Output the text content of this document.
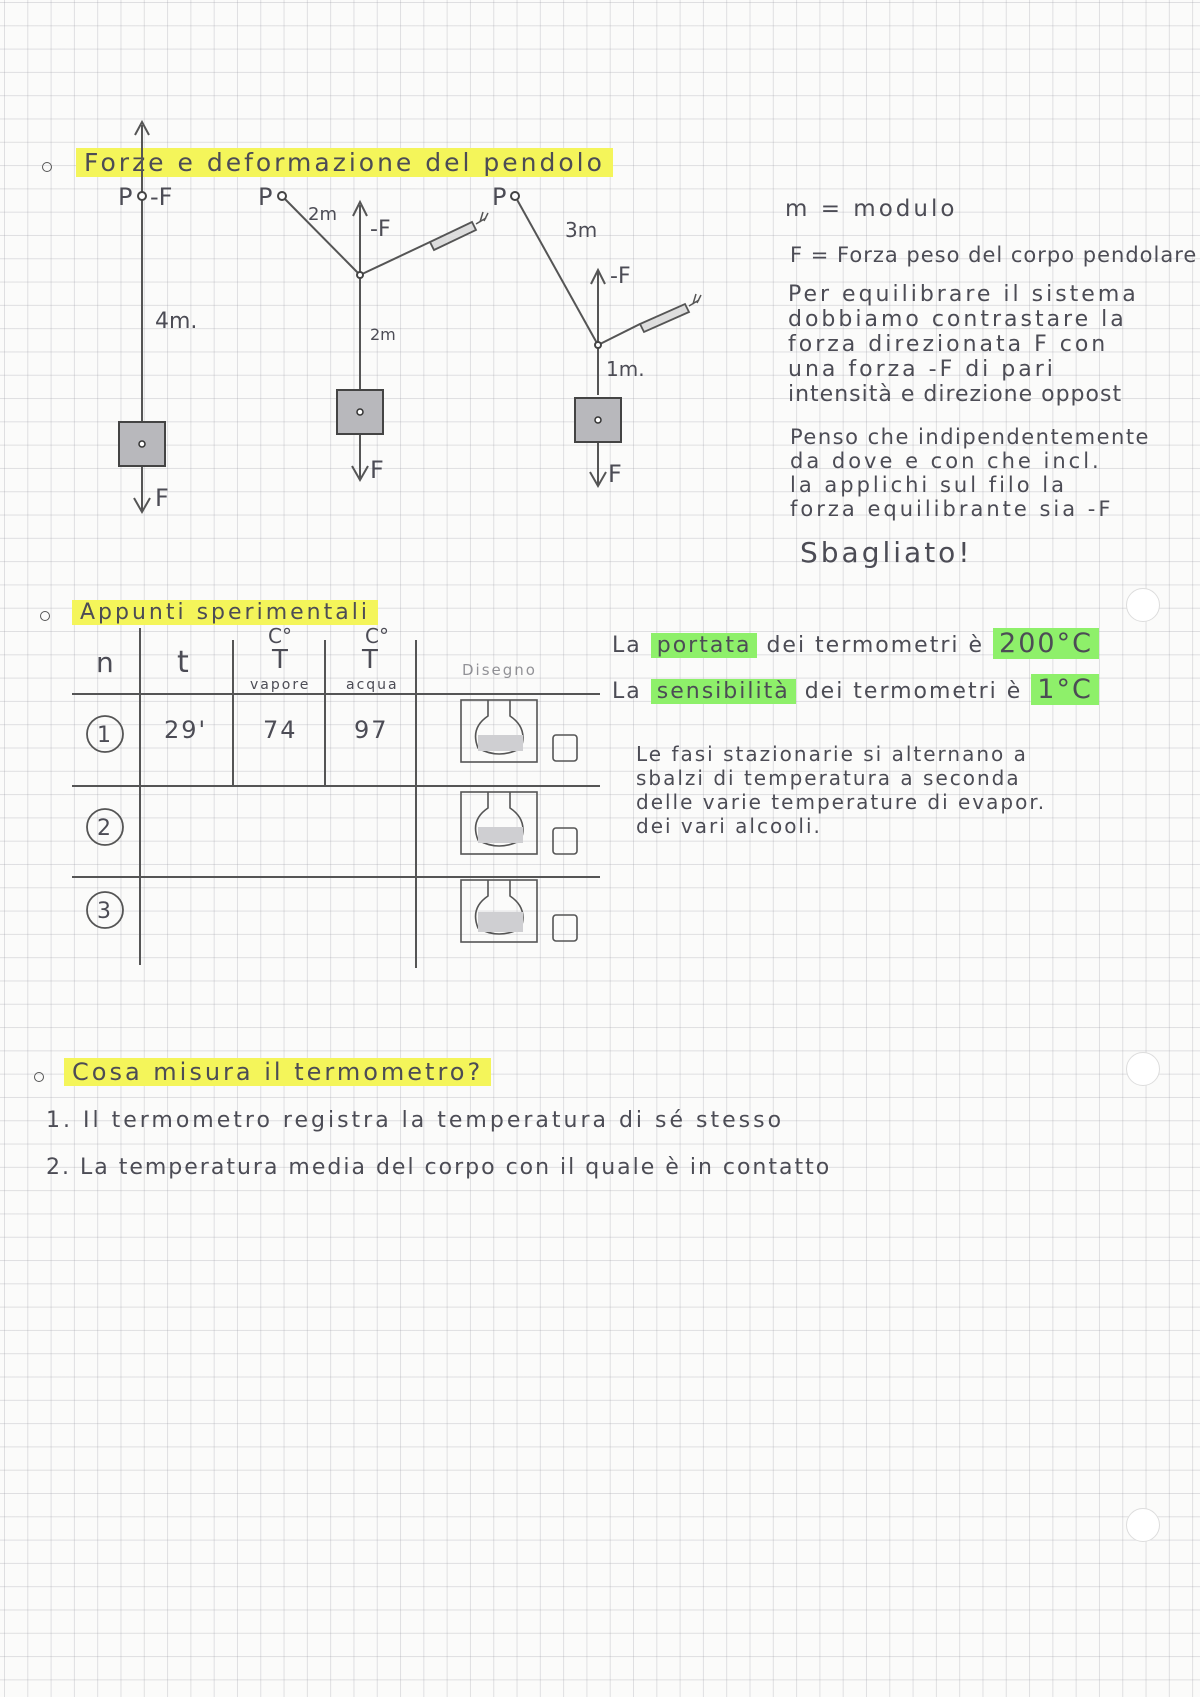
Forze e deformazione del pendolo
P -F
4m.
F
P
2m
-F
2m
F
P
3m
-F
1m.
F
m = modulo
F = Forza peso del corpo pendolare
Per equilibrare il sistema
dobbiamo contrastare la
forza direzionata F con
una forza -F di pari
intensità e direzione oppost
Penso che indipendentemente
da dove e con che incl.
la applichi sul filo la
forza equilibrante sia -F
Sbagliato!
Appunti sperimentali
n t
C°
T
vapore
C°
T
acqua
Disegno
1 29' 74 97
2
3
La portata dei termometri è 200°C
La sensibilità dei termometri è 1°C
Le fasi stazionarie si alternano a
sbalzi di temperatura a seconda
delle varie temperature di evapor.
dei vari alcooli.
Cosa misura il termometro?
1. Il termometro registra la temperatura di sé stesso
2. La temperatura media del corpo con il quale è in contatto
